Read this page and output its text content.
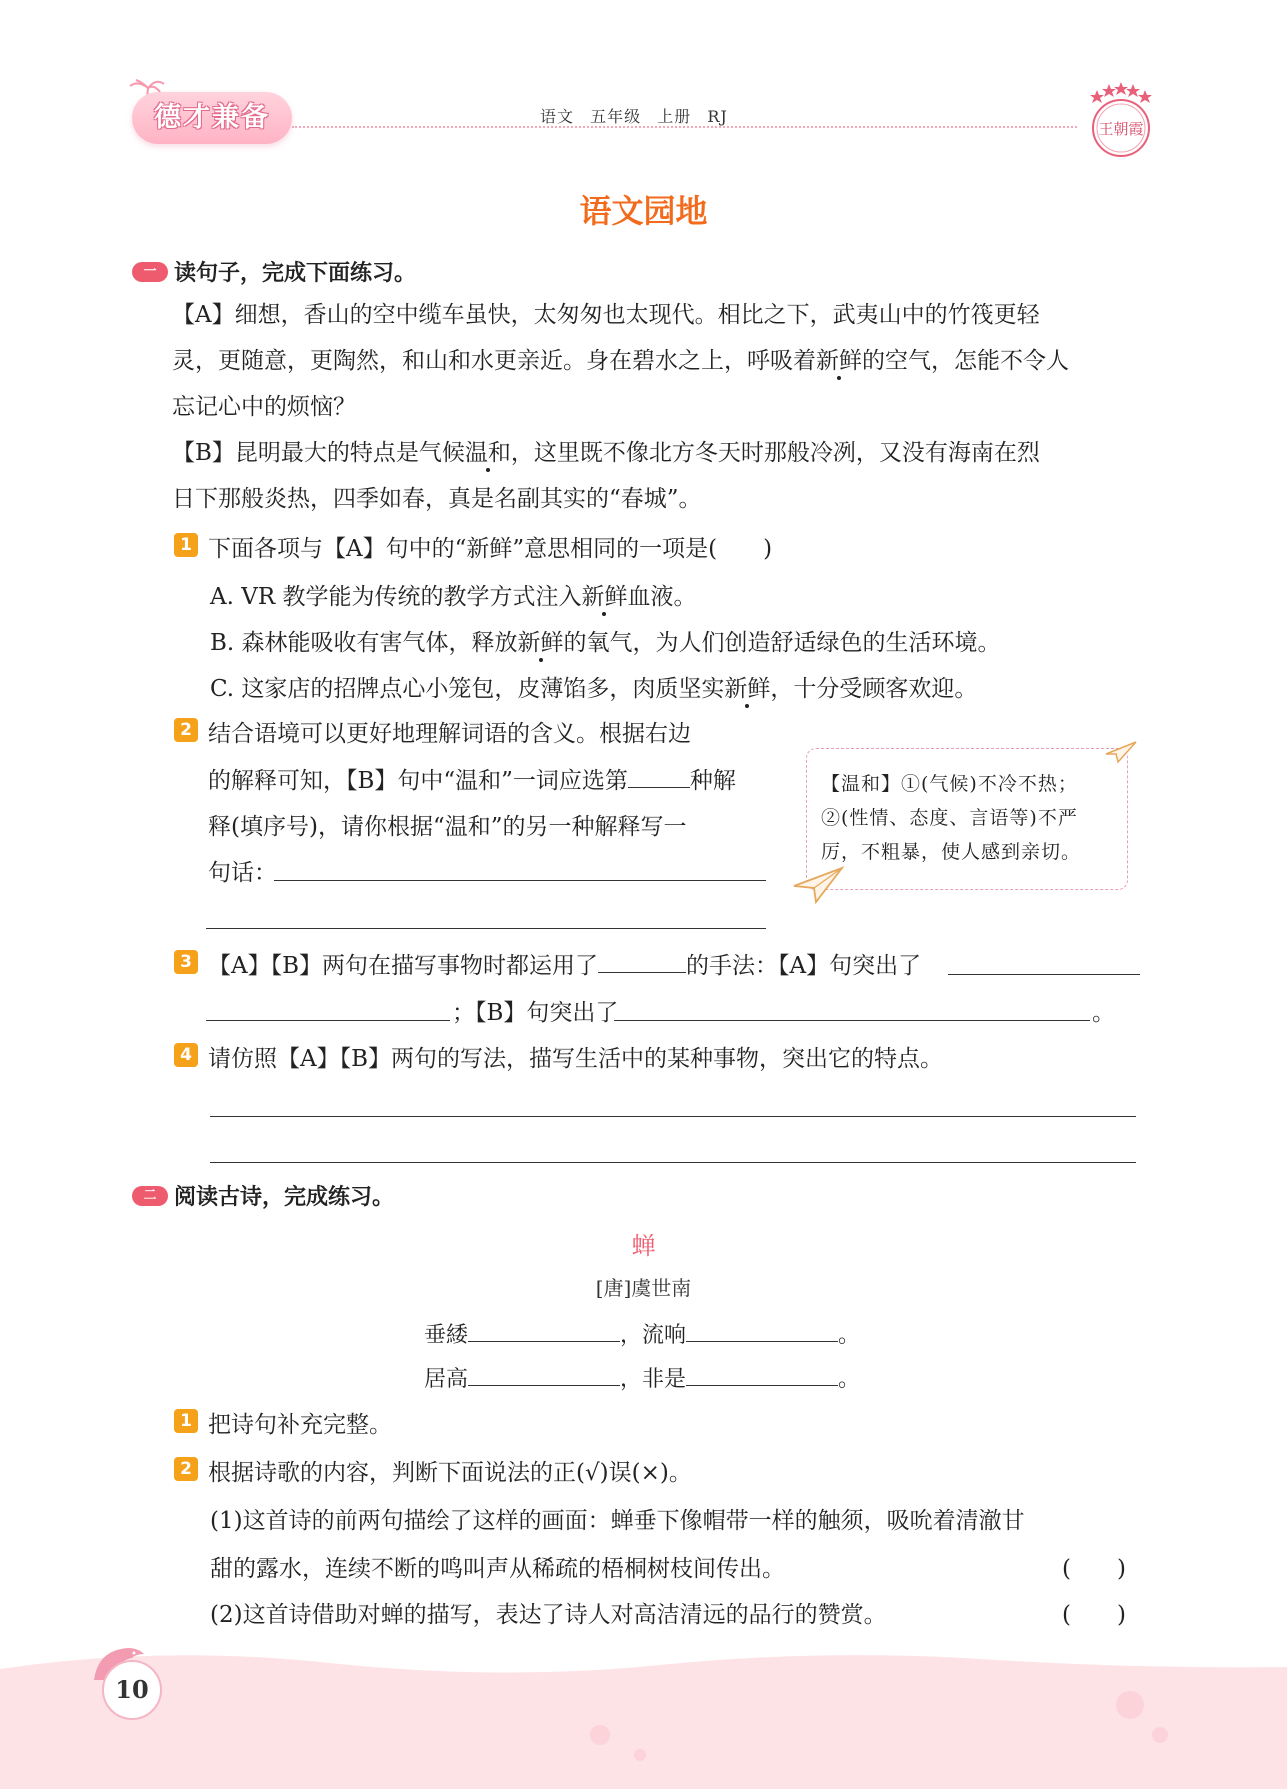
德才兼备	语文 五年级 上册 RJ
王朝霞
语文园地
一 读句子，完成下面练习。
【A】细想，香山的空中缆车虽快，太匆匆也太现代。相比之下，武夷山中的竹筏更轻
灵，更随意，更陶然，和山和水更亲近。身在碧水之上，呼吸着新鲜的空气，怎能不令人
忘记心中的烦恼？
【B】昆明最大的特点是气候温和，这里既不像北方冬天时那般冷冽，又没有海南在烈
日下那般炎热，四季如春，真是名副其实的“春城”。
1 下面各项与【A】句中的“新鲜”意思相同的一项是(　　)
A. VR 教学能为传统的教学方式注入新鲜血液。
B. 森林能吸收有害气体，释放新鲜的氧气，为人们创造舒适绿色的生活环境。
C. 这家店的招牌点心小笼包，皮薄馅多，肉质坚实新鲜，十分受顾客欢迎。
2 结合语境可以更好地理解词语的含义。根据右边
的解释可知，【B】句中“温和”一词应选第	种解
释(填序号)，请你根据“温和”的另一种解释写一
句话：

【温和】①(气候)不冷不热；
②(性情、态度、言语等)不严
厉，不粗暴，使人感到亲切。

3 【A】【B】两句在描写事物时都运用了	的手法：【A】句突出了
；【B】句突出了	。
4 请仿照【A】【B】两句的写法，描写生活中的某种事物，突出它的特点。
二 阅读古诗，完成练习。
蝉
[唐]虞世南
垂緌	，流响	。
居高	，非是	。
1 把诗句补充完整。
2 根据诗歌的内容，判断下面说法的正(√)误(×)。
(1)这首诗的前两句描绘了这样的画面：蝉垂下像帽带一样的触须，吸吮着清澈甘
甜的露水，连续不断的鸣叫声从稀疏的梧桐树枝间传出。	(　　)
(2)这首诗借助对蝉的描写，表达了诗人对高洁清远的品行的赞赏。	(　　)
10
